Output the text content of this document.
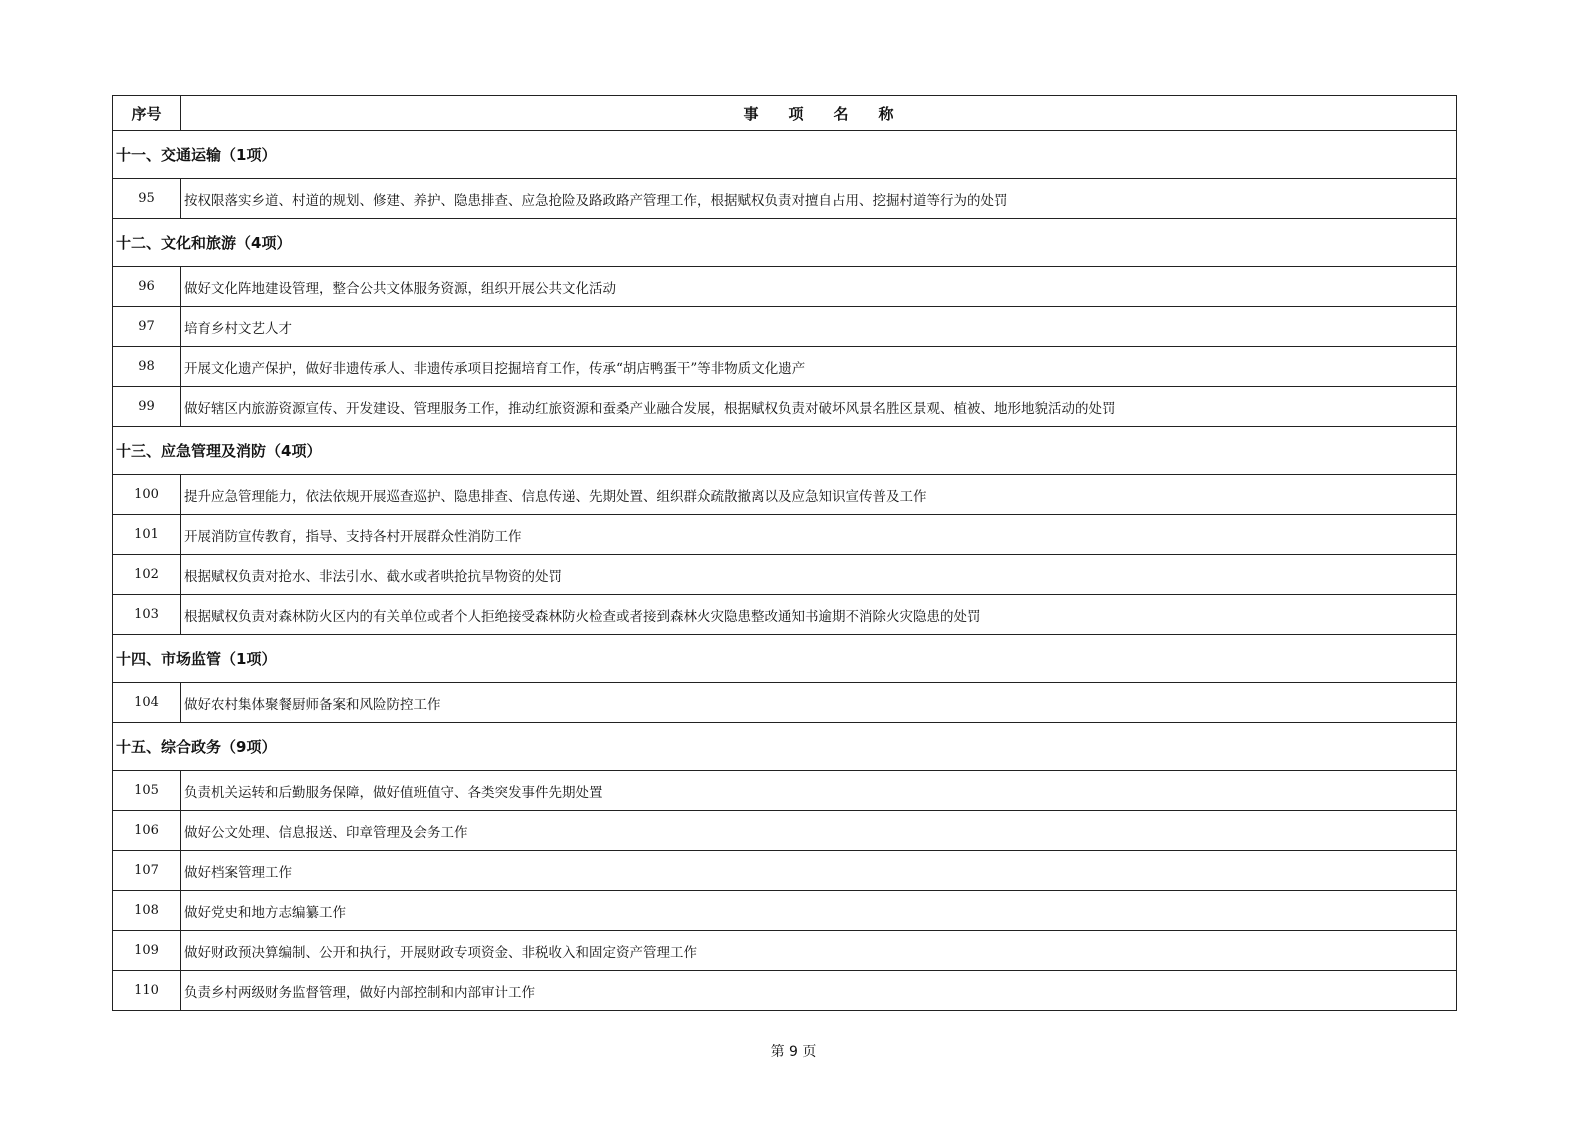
序号	事　　项　　名　　称
十一、交通运输（1项）	
95	按权限落实乡道、村道的规划、修建、养护、隐患排查、应急抢险及路政路产管理工作，根据赋权负责对擅自占用、挖掘村道等行为的处罚
十二、文化和旅游（4项）	
96	做好文化阵地建设管理，整合公共文体服务资源，组织开展公共文化活动
97	培育乡村文艺人才
98	开展文化遗产保护，做好非遗传承人、非遗传承项目挖掘培育工作，传承“胡店鸭蛋干”等非物质文化遗产
99	做好辖区内旅游资源宣传、开发建设、管理服务工作，推动红旅资源和蚕桑产业融合发展，根据赋权负责对破坏风景名胜区景观、植被、地形地貌活动的处罚
十三、应急管理及消防（4项）	
100	提升应急管理能力，依法依规开展巡查巡护、隐患排查、信息传递、先期处置、组织群众疏散撤离以及应急知识宣传普及工作
101	开展消防宣传教育，指导、支持各村开展群众性消防工作
102	根据赋权负责对抢水、非法引水、截水或者哄抢抗旱物资的处罚
103	根据赋权负责对森林防火区内的有关单位或者个人拒绝接受森林防火检查或者接到森林火灾隐患整改通知书逾期不消除火灾隐患的处罚
十四、市场监管（1项）	
104	做好农村集体聚餐厨师备案和风险防控工作
十五、综合政务（9项）	
105	负责机关运转和后勤服务保障，做好值班值守、各类突发事件先期处置
106	做好公文处理、信息报送、印章管理及会务工作
107	做好档案管理工作
108	做好党史和地方志编纂工作
109	做好财政预决算编制、公开和执行，开展财政专项资金、非税收入和固定资产管理工作
110	负责乡村两级财务监督管理，做好内部控制和内部审计工作
第 9 页
